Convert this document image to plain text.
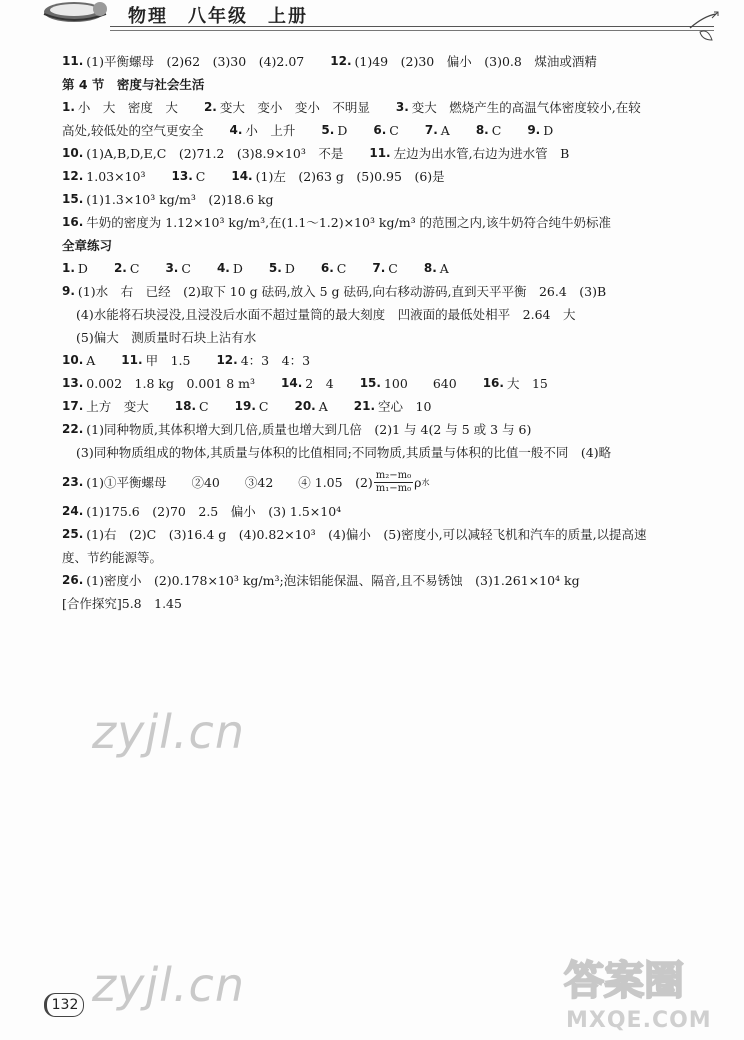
物理　八年级　上册
11. (1)平衡螺母　(2)62　(3)30　(4)2.07 12. (1)49　(2)30　偏小　(3)0.8　煤油或酒精
第 4 节　密度与社会生活
1. 小　大　密度　大 2. 变大　变小　变小　不明显 3. 变大　燃烧产生的高温气体密度较小,在较
高处,较低处的空气更安全 4. 小　上升 5. D 6. C 7. A 8. C 9. D
10. (1)A,B,D,E,C　(2)71.2　(3)8.9×10³　不是 11. 左边为出水管,右边为进水管　B
12. 1.03×10³ 13. C 14. (1)左　(2)63 g　(5)0.95　(6)是
15. (1)1.3×10³ kg/m³　(2)18.6 kg
16. 牛奶的密度为 1.12×10³ kg/m³,在(1.1～1.2)×10³ kg/m³ 的范围之内,该牛奶符合纯牛奶标准
全章练习
1. D 2. C 3. C 4. D 5. D 6. C 7. C 8. A
9. (1)水　右　已经　(2)取下 10 g 砝码,放入 5 g 砝码,向右移动游码,直到天平平衡　26.4　(3)B
(4)水能将石块浸没,且浸没后水面不超过量筒的最大刻度　凹液面的最低处相平　2.64　大
(5)偏大　测质量时石块上沾有水
10. A 11. 甲　1.5 12. 4：3　4：3
13. 0.002　1.8 kg　0.001 8 m³ 14. 2　4 15. 100　　640 16. 大　15
17. 上方　变大 18. C 19. C 20. A 21. 空心　10
22. (1)同种物质,其体积增大到几倍,质量也增大到几倍　(2)1 与 4(2 与 5 或 3 与 6)
(3)同种物质组成的物体,其质量与体积的比值相同;不同物质,其质量与体积的比值一般不同　(4)略
23. (1)①平衡螺母　　②40　　③42　　④ 1.05　$(2) \frac{\text{m₂−m₀}}{\text{m₁−m₀}}$ ρ 水
24. (1)175.6　(2)70　2.5　偏小　(3) 1.5×10⁴
25. (1)右　(2)C　(3)16.4 g　(4)0.82×10³　(4)偏小　(5)密度小,可以减轻飞机和汽车的质量,以提高速
度、节约能源等。
26. (1)密度小　(2)0.178×10³ kg/m³;泡沫铝能保温、隔音,且不易锈蚀　(3)1.261×10⁴ kg
[合作探究]5.8　1.45
zyjl.cn
zyjl.cn
132
答案圈
MXQE.COM
